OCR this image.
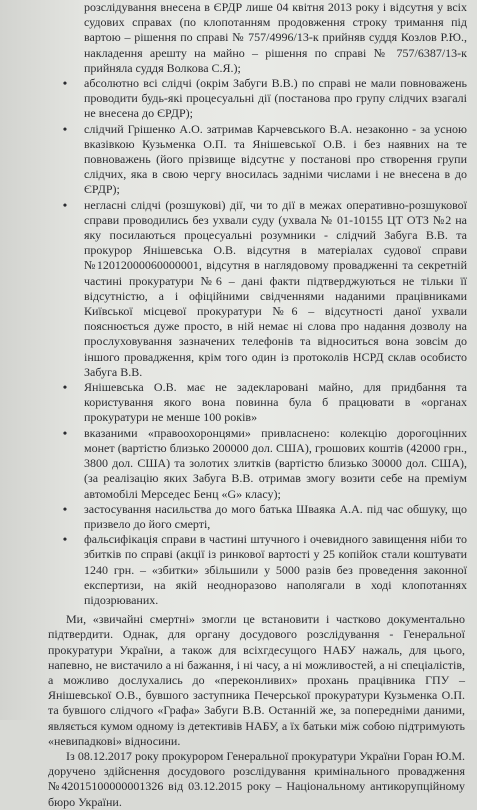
розслідування внесена в ЄРДР лише 04 квітня 2013 року і відсутня у всіх судових справах (по клопотанням продовження строку тримання під вартою – рішення по справі № 757/4996/13-к прийняв суддя Козлов Р.Ю., накладення арешту на майно – рішення по справі № 757/6387/13-к прийняла суддя Волкова С.Я.);
• абсолютно всі слідчі (окрім Забуги В.В.) по справі не мали повноважень проводити будь-які процесуальні дії (постанова про групу слідчих взагалі не внесена до ЄРДР);
• слідчий Грішенко А.О. затримав Карчевського В.А. незаконно - за усною вказівкою Кузьменка О.П. та Янішевської О.В. і без наявних на те повноважень (його прізвище відсутнє у постанові про створення групи слідчих, яка в свою чергу вносилась задніми числами і не внесена в до ЄРДР);
• негласні слідчі (розшукові) дії, чи то дії в межах оперативно-розшукової справи проводились без ухвали суду (ухвала № 01-10155 ЦТ ОТЗ №2 на яку посилаються процесуальні розумники - слідчий Забуга В.В. та прокурор Янішевська О.В. відсутня в матеріалах судової справи №12012000060000001, відсутня в наглядовому провадженні та секретній частині прокуратури №6 – дані факти підтверджуються не тільки її відсутністю, а і офіційними свідченнями наданими працівниками Київської місцевої прокуратури №6 – відсутності даної ухвали пояснюється дуже просто, в ній немає ні слова про надання дозволу на прослуховування зазначених телефонів та відноситься вона зовсім до іншого провадження, крім того один із протоколів НСРД склав особисто Забуга В.В.
• Янішевська О.В. має не задекларовані майно, для придбання та користування якого вона повинна була б працювати в «органах прокуратури не менше 100 років»
• вказаними «правоохоронцями» привласнено: колекцію дорогоцінних монет (вартістю близько 200000 дол. США), грошових коштів (42000 грн., 3800 дол. США) та золотих злитків (вартістю близько 30000 дол. США), (за реалізацію яких Забуга В.В. отримав змогу возити себе на преміум автомобілі Мерседес Бенц «G» класу);
• застосування насильства до мого батька Шваяка А.А. під час обшуку, що призвело до його смерті,
• фальсифікація справи в частині штучного і очевидного завищення ніби то збитків по справі (акції із ринкової вартості у 25 копійок стали коштувати 1240 грн. – «збитки» збільшили у 5000 разів без проведення законної експертизи, на якій неодноразово наполягали в ході клопотаннях підозрюваних.

Ми, «звичайні смертні» змогли це встановити і частково документально підтвердити. Однак, для органу досудового розслідування - Генеральної прокуратури України, а також для всіхгдесущого НАБУ нажаль, для цього, напевно, не вистачило а ні бажання, і ні часу, а ні можливостей, а ні спеціалістів, а можливо дослухались до «переконливих» прохань працівника ГПУ – Янішевської О.В., бувшого заступника Печерської прокуратури Кузьменка О.П. та бувшого слідчого «Графа» Забуги В.В. Останній же, за попередніми даними, являється кумом одному із детективів НАБУ, а їх батьки між собою підтримують «невипадкові» відносини.

Із 08.12.2017 року прокурором Генеральної прокуратури України Горан Ю.М. доручено здійснення досудового розслідування кримінального провадження №42015100000001326 від 03.12.2015 року – Національному антикорупційному бюро України.
